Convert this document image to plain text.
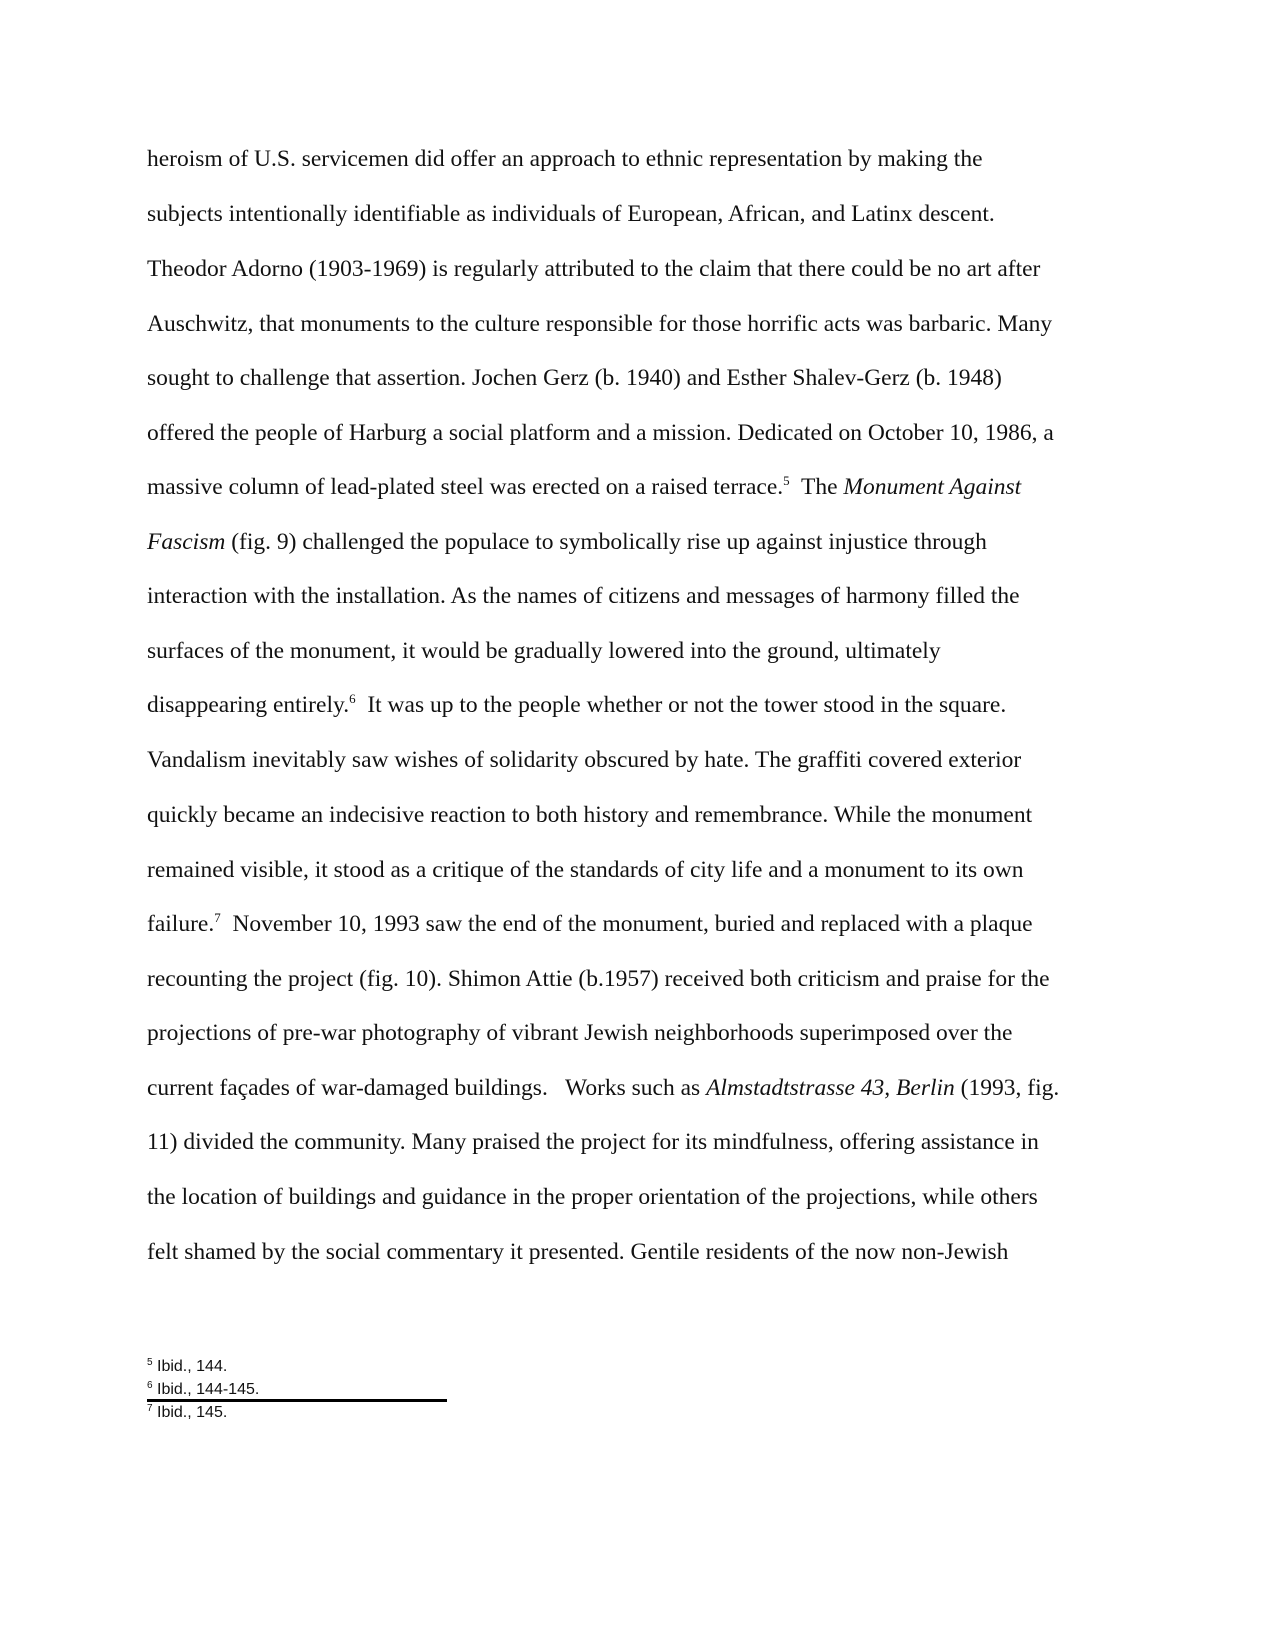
heroism of U.S. servicemen did offer an approach to ethnic representation by making the
subjects intentionally identifiable as individuals of European, African, and Latinx descent.
Theodor Adorno (1903-1969) is regularly attributed to the claim that there could be no art after
Auschwitz, that monuments to the culture responsible for those horrific acts was barbaric. Many
sought to challenge that assertion. Jochen Gerz (b. 1940) and Esther Shalev-Gerz (b. 1948)
offered the people of Harburg a social platform and a mission. Dedicated on October 10, 1986, a
massive column of lead-plated steel was erected on a raised terrace.$^5$  The Monument Against
Fascism (fig. 9) challenged the populace to symbolically rise up against injustice through
interaction with the installation. As the names of citizens and messages of harmony filled the
surfaces of the monument, it would be gradually lowered into the ground, ultimately
disappearing entirely.$^6$  It was up to the people whether or not the tower stood in the square.
Vandalism inevitably saw wishes of solidarity obscured by hate. The graffiti covered exterior
quickly became an indecisive reaction to both history and remembrance. While the monument
remained visible, it stood as a critique of the standards of city life and a monument to its own
failure.$^7$  November 10, 1993 saw the end of the monument, buried and replaced with a plaque
recounting the project (fig. 10). Shimon Attie (b.1957) received both criticism and praise for the
projections of pre-war photography of vibrant Jewish neighborhoods superimposed over the
current façades of war-damaged buildings.   Works such as Almstadtstrasse 43, Berlin (1993, fig.
11) divided the community. Many praised the project for its mindfulness, offering assistance in
the location of buildings and guidance in the proper orientation of the projections, while others
felt shamed by the social commentary it presented. Gentile residents of the now non-Jewish
$^5$ Ibid., 144.
$^6$ Ibid., 144-145.
$^7$ Ibid., 145.
